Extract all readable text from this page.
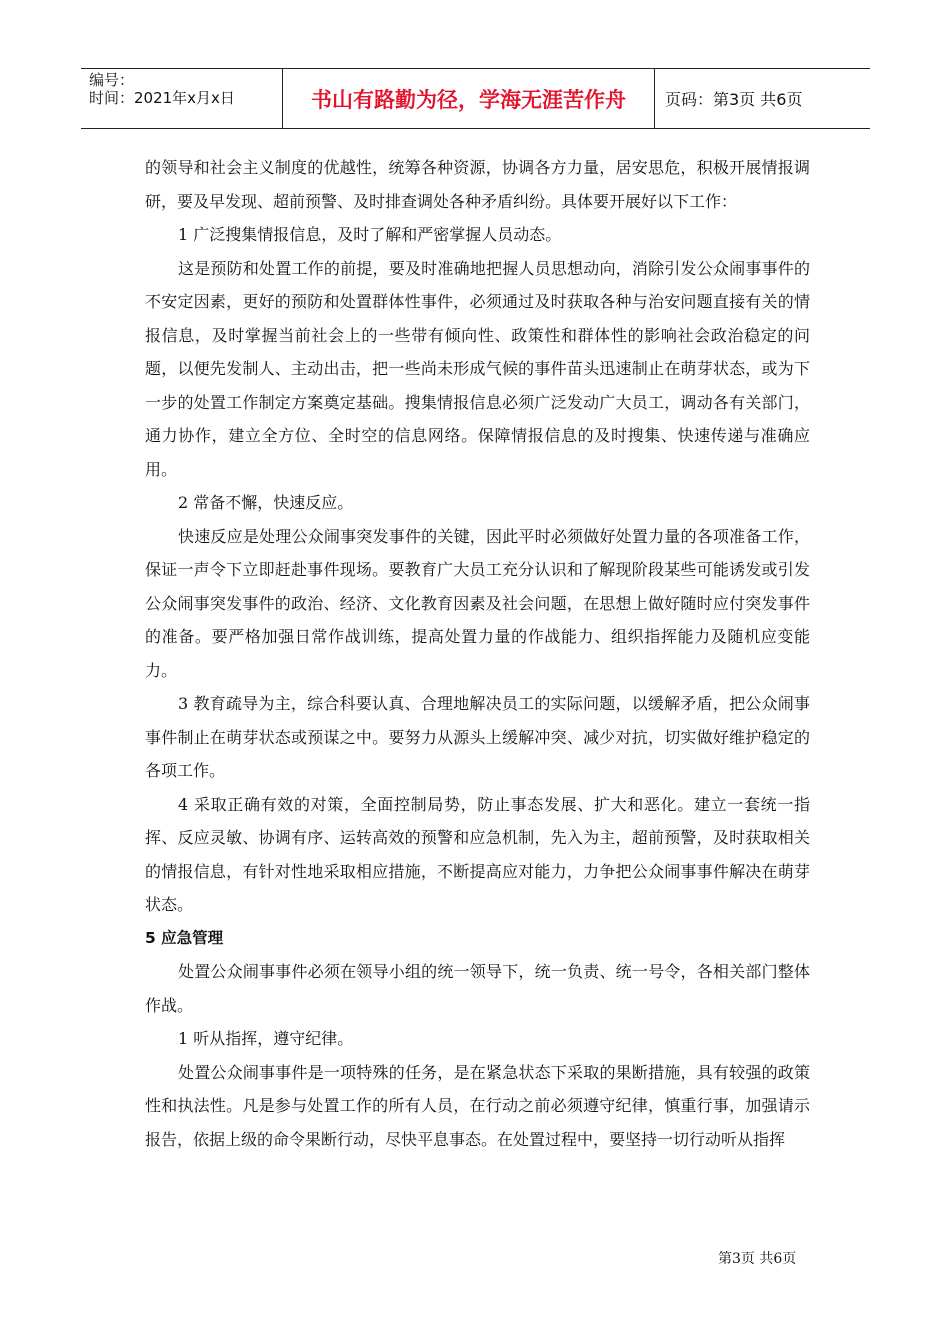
编号：
时间：2021年x月x日	书山有路勤为径，学海无涯苦作舟	页码：第3页 共6页

的领导和社会主义制度的优越性，统筹各种资源，协调各方力量，居安思危，积极开展情报调研，要及早发现、超前预警、及时排查调处各种矛盾纠纷。具体要开展好以下工作：

1 广泛搜集情报信息，及时了解和严密掌握人员动态。

这是预防和处置工作的前提，要及时准确地把握人员思想动向，消除引发公众闹事事件的不安定因素，更好的预防和处置群体性事件，必须通过及时获取各种与治安问题直接有关的情报信息，及时掌握当前社会上的一些带有倾向性、政策性和群体性的影响社会政治稳定的问题，以便先发制人、主动出击，把一些尚未形成气候的事件苗头迅速制止在萌芽状态，或为下一步的处置工作制定方案奠定基础。搜集情报信息必须广泛发动广大员工，调动各有关部门，通力协作，建立全方位、全时空的信息网络。保障情报信息的及时搜集、快速传递与准确应用。

2 常备不懈，快速反应。

快速反应是处理公众闹事突发事件的关键，因此平时必须做好处置力量的各项准备工作，保证一声令下立即赶赴事件现场。要教育广大员工充分认识和了解现阶段某些可能诱发或引发公众闹事突发事件的政治、经济、文化教育因素及社会问题，在思想上做好随时应付突发事件的准备。要严格加强日常作战训练，提高处置力量的作战能力、组织指挥能力及随机应变能力。

3 教育疏导为主，综合科要认真、合理地解决员工的实际问题，以缓解矛盾，把公众闹事事件制止在萌芽状态或预谋之中。要努力从源头上缓解冲突、减少对抗，切实做好维护稳定的各项工作。

4 采取正确有效的对策，全面控制局势，防止事态发展、扩大和恶化。建立一套统一指挥、反应灵敏、协调有序、运转高效的预警和应急机制，先入为主，超前预警，及时获取相关的情报信息，有针对性地采取相应措施，不断提高应对能力，力争把公众闹事事件解决在萌芽状态。

5 应急管理

处置公众闹事事件必须在领导小组的统一领导下，统一负责、统一号令，各相关部门整体作战。

1 听从指挥，遵守纪律。

处置公众闹事事件是一项特殊的任务，是在紧急状态下采取的果断措施，具有较强的政策性和执法性。凡是参与处置工作的所有人员，在行动之前必须遵守纪律，慎重行事，加强请示报告，依据上级的命令果断行动，尽快平息事态。在处置过程中，要坚持一切行动听从指挥

第3页 共6页
